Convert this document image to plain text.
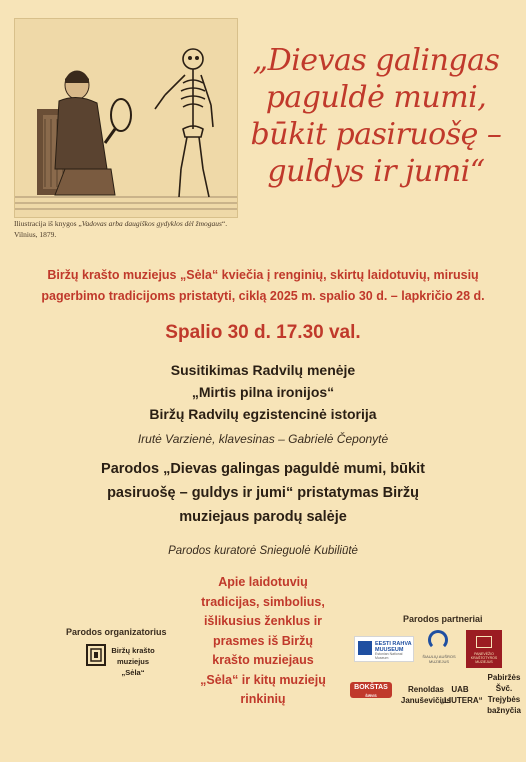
Iliustracija iš knygos „Vadovas arba daugiškos gydyklos dėl žmogaus“. Vilnius, 1879.
„Dievas galingas
paguldė mumi,
būkit pasiruošę –
guldys ir jumi“
Biržų krašto muziejus „Sėla“ kviečia į renginių, skirtų laidotuvių, mirusių
pagerbimo tradicijoms pristatyti, ciklą 2025 m. spalio 30 d. – lapkričio 28 d.
Spalio 30 d. 17.30 val.
Susitikimas Radvilų menėje
„Mirtis pilna ironijos“
Biržų Radvilų egzistencinė istorija
Irutė Varzienė, klavesinas – Gabrielė Čeponytė
Parodos „Dievas galingas paguldė mumi, būkit
pasiruošę – guldys ir jumi“ pristatymas Biržų
muziejaus parodų salėje
Parodos kuratorė Snieguolė Kubiliūtė
Apie laidotuvių
tradicijas, simbolius,
išlikusius ženklus ir
prasmes iš Biržų
krašto muziejaus
„Sėla“ ir kitų muziejų
rinkinių
Parodos organizatorius
Biržų krašto
muziejus
„Sėla“
Parodos partneriai
EESTI RAHVA MUUSEUM
Estonian National Museum	ŠIAULIŲ AUŠROS MUZIEJUS
PANEVĖŽIO KRAŠTOTYROS MUZIEJUS
BOKŠTAS
ŠIRVIS
Renoldas
Januševičius
UAB
„LIUTERA“
Pabiržės
Švč. Trejybės
bažnyčia
